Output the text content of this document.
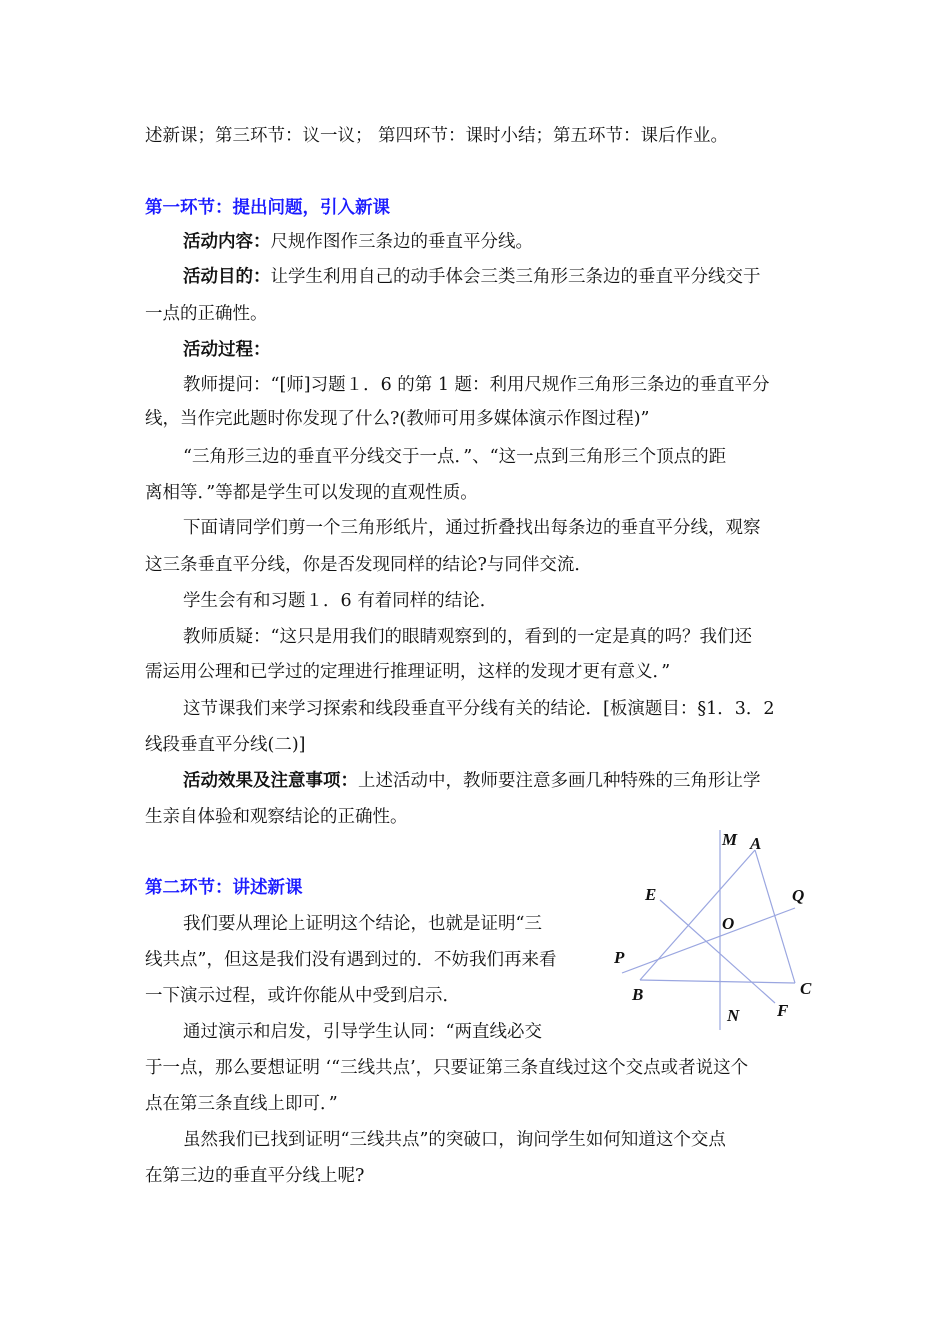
述新课；第三环节：议一议； 第四环节：课时小结；第五环节：课后作业。
第一环节：提出问题，引入新课
活动内容：尺规作图作三条边的垂直平分线。
活动目的：让学生利用自己的动手体会三类三角形三条边的垂直平分线交于
一点的正确性。
活动过程：
教师提问：“[师]习题１．6 的第 1 题：利用尺规作三角形三条边的垂直平分
线，当作完此题时你发现了什么?(教师可用多媒体演示作图过程)”
“三角形三边的垂直平分线交于一点．”、“这一点到三角形三个顶点的距
离相等．”等都是学生可以发现的直观性质。
下面请同学们剪一个三角形纸片，通过折叠找出每条边的垂直平分线，观察
这三条垂直平分线，你是否发现同样的结论?与同伴交流．
学生会有和习题１．6 有着同样的结论．
教师质疑：“这只是用我们的眼睛观察到的，看到的一定是真的吗？我们还
需运用公理和已学过的定理进行推理证明，这样的发现才更有意义．”
这节课我们来学习探索和线段垂直平分线有关的结论．[板演题目：§1．3．2
线段垂直平分线(二)]
活动效果及注意事项：上述活动中，教师要注意多画几种特殊的三角形让学
生亲自体验和观察结论的正确性。
第二环节：讲述新课
我们要从理论上证明这个结论，也就是证明“三
线共点”，但这是我们没有遇到过的．不妨我们再来看
一下演示过程，或许你能从中受到启示．
通过演示和启发，引导学生认同：“两直线必交
于一点，那么要想证明 ‘“三线共点’，只要证第三条直线过这个交点或者说这个
点在第三条直线上即可．”
虽然我们已找到证明“三线共点”的突破口，询问学生如何知道这个交点
在第三边的垂直平分线上呢?
M A
E	Q
O
P
B	C
N F
